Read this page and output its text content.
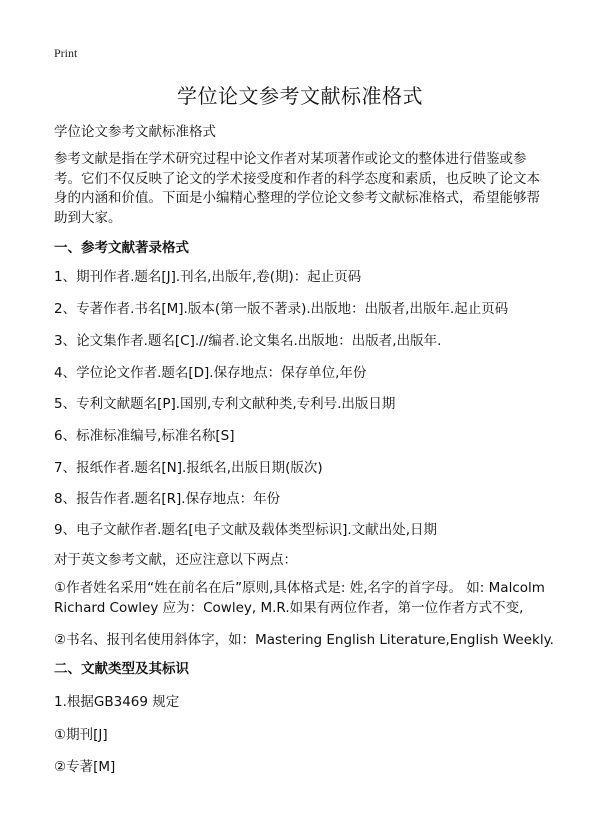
Print
学位论文参考文献标准格式
学位论文参考文献标准格式

参考文献是指在学术研究过程中论文作者对某项著作或论文的整体进行借鉴或参考。它们不仅反映了论文的学术接受度和作者的科学态度和素质，也反映了论文本身的内涵和价值。下面是小编精心整理的学位论文参考文献标准格式，希望能够帮助到大家。

一、参考文献著录格式

1、期刊作者.题名[J].刊名,出版年,卷(期)：起止页码

2、专著作者.书名[M].版本(第一版不著录).出版地：出版者,出版年.起止页码

3、论文集作者.题名[C].//编者.论文集名.出版地：出版者,出版年.

4、学位论文作者.题名[D].保存地点：保存单位,年份

5、专利文献题名[P].国别,专利文献种类,专利号.出版日期

6、标准标准编号,标准名称[S]

7、报纸作者.题名[N].报纸名,出版日期(版次)

8、报告作者.题名[R].保存地点：年份

9、电子文献作者.题名[电子文献及载体类型标识].文献出处,日期

对于英文参考文献，还应注意以下两点：

①作者姓名采用“姓在前名在后”原则,具体格式是: 姓,名字的首字母。 如: Malcolm Richard Cowley 应为：Cowley, M.R.如果有两位作者，第一位作者方式不变,

②书名、报刊名使用斜体字，如：Mastering English Literature,English Weekly.

二、文献类型及其标识

1.根据GB3469 规定

①期刊[J]

②专著[M]
